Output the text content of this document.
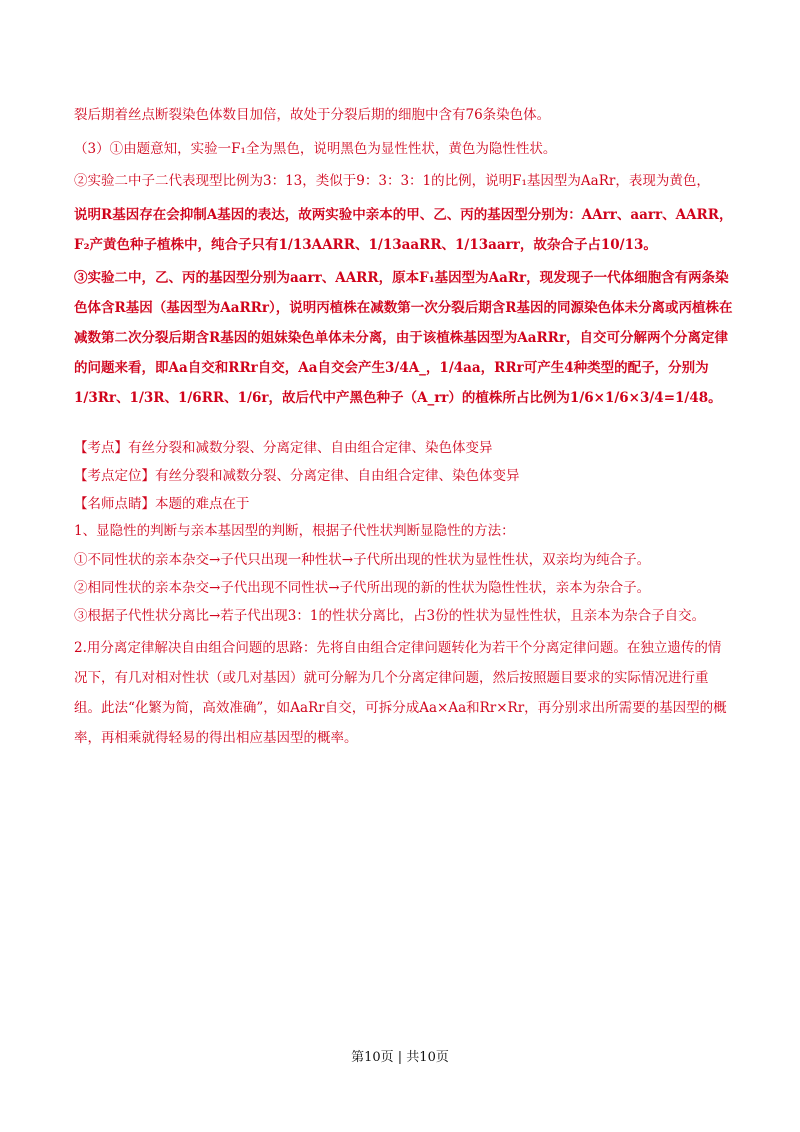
裂后期着丝点断裂染色体数目加倍，故处于分裂后期的细胞中含有76条染色体。
（3）①由题意知，实验一F₁全为黑色，说明黑色为显性性状，黄色为隐性性状。
②实验二中子二代表现型比例为3：13，类似于9：3：3：1的比例，说明F₁基因型为AaRr，表现为黄色，
说明R基因存在会抑制A基因的表达，故两实验中亲本的甲、乙、丙的基因型分别为：AArr、aarr、AARR，F₂产黄色种子植株中，纯合子只有1/13AARR、1/13aaRR、1/13aarr，故杂合子占10/13。
③实验二中，乙、丙的基因型分别为aarr、AARR，原本F₁基因型为AaRr，现发现子一代体细胞含有两条染色体含R基因（基因型为AaRRr），说明丙植株在减数第一次分裂后期含R基因的同源染色体未分离或丙植株在减数第二次分裂后期含R基因的姐妹染色单体未分离，由于该植株基因型为AaRRr，自交可分解两个分离定律的问题来看，即Aa自交和RRr自交，Aa自交会产生3/4A_，1/4aa，RRr可产生4种类型的配子，分别为1/3Rr、1/3R、1/6RR、1/6r，故后代中产黑色种子（A_rr）的植株所占比例为1/6×1/6×3/4=1/48。
【考点】有丝分裂和减数分裂、分离定律、自由组合定律、染色体变异
【考点定位】有丝分裂和减数分裂、分离定律、自由组合定律、染色体变异
【名师点睛】本题的难点在于
1、显隐性的判断与亲本基因型的判断，根据子代性状判断显隐性的方法：
①不同性状的亲本杂交→子代只出现一种性状→子代所出现的性状为显性性状，双亲均为纯合子。
②相同性状的亲本杂交→子代出现不同性状→子代所出现的新的性状为隐性性状，亲本为杂合子。
③根据子代性状分离比→若子代出现3：1的性状分离比，占3份的性状为显性性状，且亲本为杂合子自交。
2.用分离定律解决自由组合问题的思路：先将自由组合定律问题转化为若干个分离定律问题。在独立遗传的情况下，有几对相对性状（或几对基因）就可分解为几个分离定律问题，然后按照题目要求的实际情况进行重组。此法“化繁为简，高效准确”，如AaRr自交，可拆分成Aa×Aa和Rr×Rr，再分别求出所需要的基因型的概率，再相乘就得轻易的得出相应基因型的概率。
第10页 | 共10页
